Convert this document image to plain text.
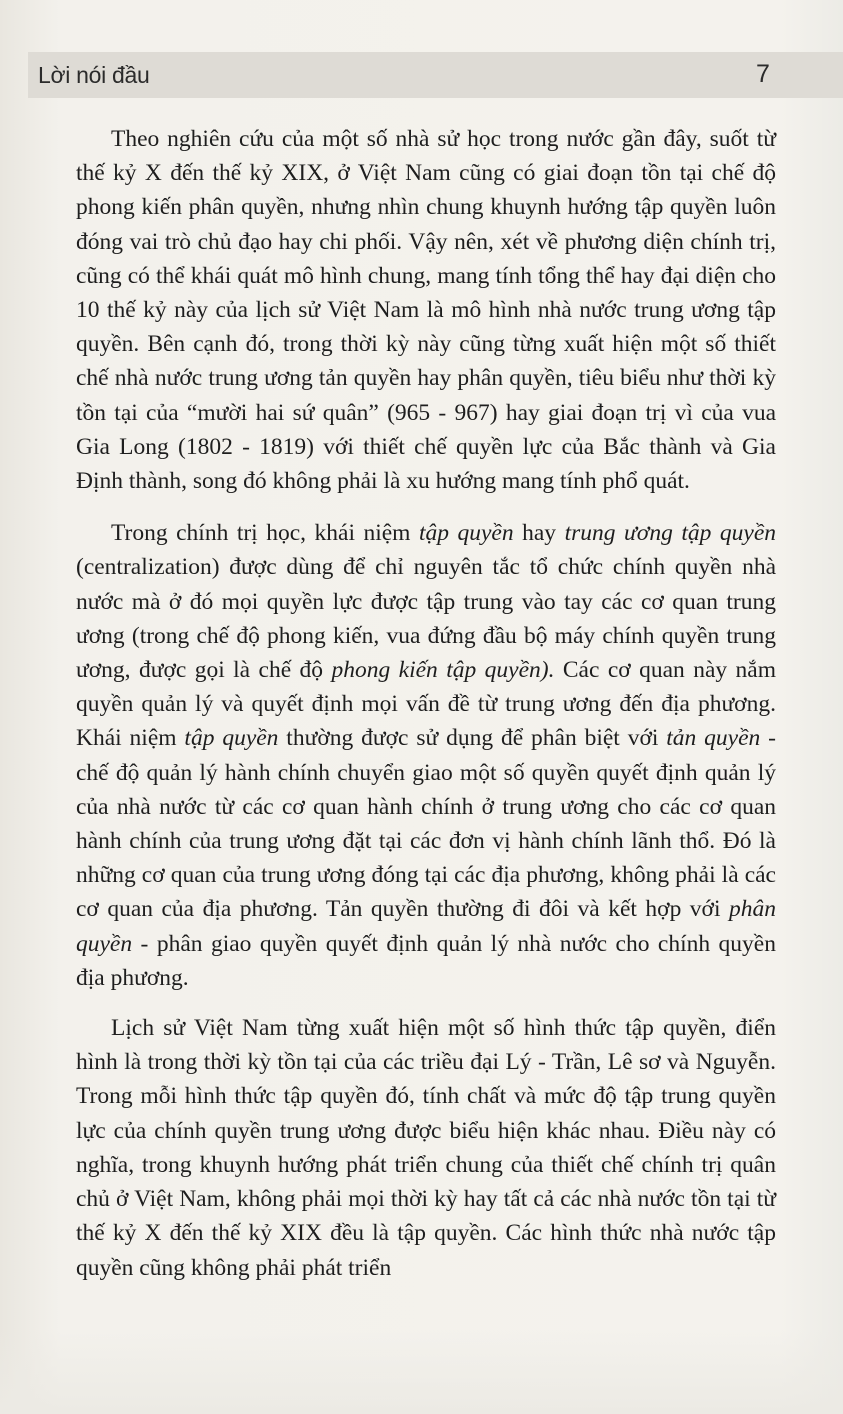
Lời nói đầu	7

Theo nghiên cứu của một số nhà sử học trong nước gần đây, suốt từ thế kỷ X đến thế kỷ XIX, ở Việt Nam cũng có giai đoạn tồn tại chế độ phong kiến phân quyền, nhưng nhìn chung khuynh hướng tập quyền luôn đóng vai trò chủ đạo hay chi phối. Vậy nên, xét về phương diện chính trị, cũng có thể khái quát mô hình chung, mang tính tổng thể hay đại diện cho 10 thế kỷ này của lịch sử Việt Nam là mô hình nhà nước trung ương tập quyền. Bên cạnh đó, trong thời kỳ này cũng từng xuất hiện một số thiết chế nhà nước trung ương tản quyền hay phân quyền, tiêu biểu như thời kỳ tồn tại của “mười hai sứ quân” (965 - 967) hay giai đoạn trị vì của vua Gia Long (1802 - 1819) với thiết chế quyền lực của Bắc thành và Gia Định thành, song đó không phải là xu hướng mang tính phổ quát.

Trong chính trị học, khái niệm tập quyền hay trung ương tập quyền (centralization) được dùng để chỉ nguyên tắc tổ chức chính quyền nhà nước mà ở đó mọi quyền lực được tập trung vào tay các cơ quan trung ương (trong chế độ phong kiến, vua đứng đầu bộ máy chính quyền trung ương, được gọi là chế độ phong kiến tập quyền). Các cơ quan này nắm quyền quản lý và quyết định mọi vấn đề từ trung ương đến địa phương. Khái niệm tập quyền thường được sử dụng để phân biệt với tản quyền - chế độ quản lý hành chính chuyển giao một số quyền quyết định quản lý của nhà nước từ các cơ quan hành chính ở trung ương cho các cơ quan hành chính của trung ương đặt tại các đơn vị hành chính lãnh thổ. Đó là những cơ quan của trung ương đóng tại các địa phương, không phải là các cơ quan của địa phương. Tản quyền thường đi đôi và kết hợp với phân quyền - phân giao quyền quyết định quản lý nhà nước cho chính quyền địa phương.

Lịch sử Việt Nam từng xuất hiện một số hình thức tập quyền, điển hình là trong thời kỳ tồn tại của các triều đại Lý - Trần, Lê sơ và Nguyễn. Trong mỗi hình thức tập quyền đó, tính chất và mức độ tập trung quyền lực của chính quyền trung ương được biểu hiện khác nhau. Điều này có nghĩa, trong khuynh hướng phát triển chung của thiết chế chính trị quân chủ ở Việt Nam, không phải mọi thời kỳ hay tất cả các nhà nước tồn tại từ thế kỷ X đến thế kỷ XIX đều là tập quyền. Các hình thức nhà nước tập quyền cũng không phải phát triển
